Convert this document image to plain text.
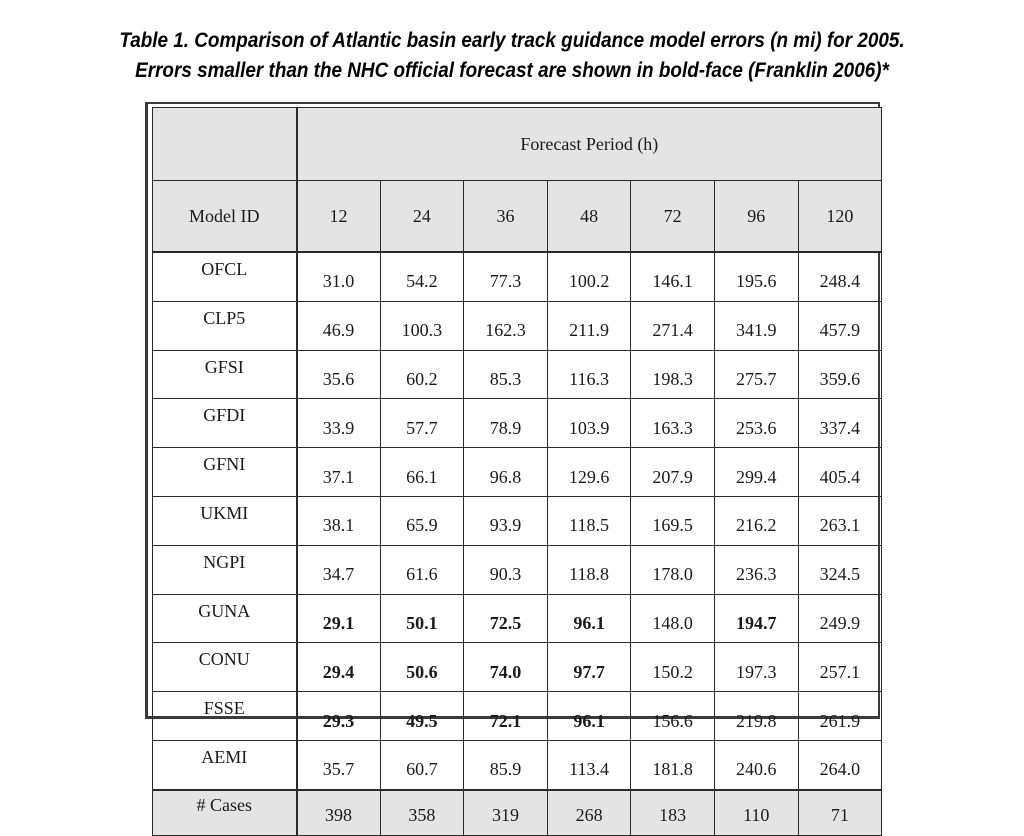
Table 1. Comparison of Atlantic basin early track guidance model errors (n mi) for 2005.
Errors smaller than the NHC official forecast are shown in bold-face (Franklin 2006)*
	Forecast Period (h)						
Model ID	12	24	36	48	72	96	120
OFCL	31.0	54.2	77.3	100.2	146.1	195.6	248.4
CLP5	46.9	100.3	162.3	211.9	271.4	341.9	457.9
GFSI	35.6	60.2	85.3	116.3	198.3	275.7	359.6
GFDI	33.9	57.7	78.9	103.9	163.3	253.6	337.4
GFNI	37.1	66.1	96.8	129.6	207.9	299.4	405.4
UKMI	38.1	65.9	93.9	118.5	169.5	216.2	263.1
NGPI	34.7	61.6	90.3	118.8	178.0	236.3	324.5
GUNA	29.1	50.1	72.5	96.1	148.0	194.7	249.9
CONU	29.4	50.6	74.0	97.7	150.2	197.3	257.1
FSSE	29.3	49.5	72.1	96.1	156.6	219.8	261.9
AEMI	35.7	60.7	85.9	113.4	181.8	240.6	264.0
# Cases	398	358	319	268	183	110	71
